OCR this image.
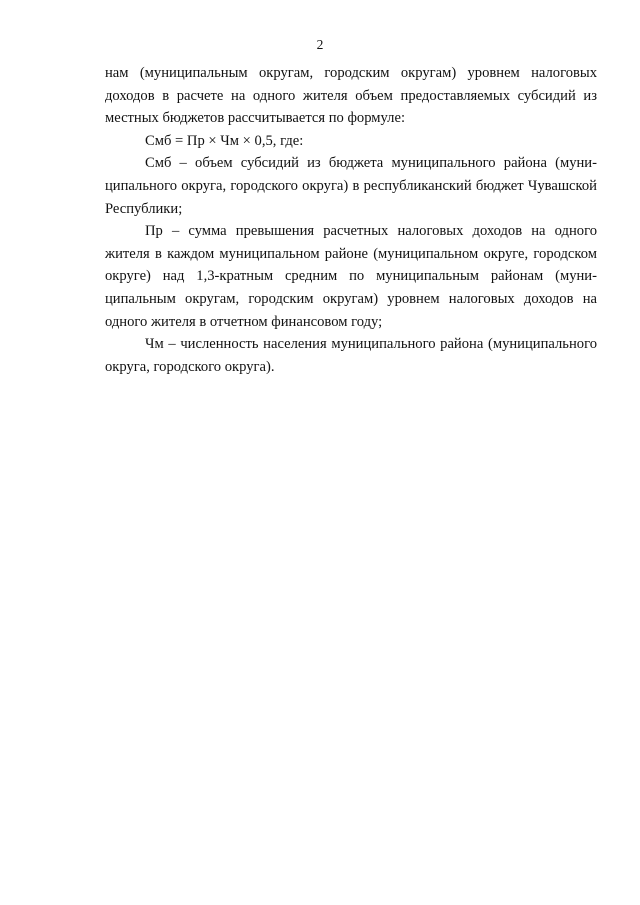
2

нам (муниципальным округам, городским округам) уровнем налоговых доходов в расчете на одного жителя объем предоставляемых субсидий из местных бюджетов рассчитывается по формуле:

Смб = Пр × Чм × 0,5, где:

Смб – объем субсидий из бюджета муниципального района (муниципального округа, городского округа) в республиканский бюджет Чувашской Республики;

Пр – сумма превышения расчетных налоговых доходов на одного жителя в каждом муниципальном районе (муниципальном округе, городском округе) над 1,3-кратным средним по муниципальным районам (муниципальным округам, городским округам) уровнем налоговых доходов на одного жителя в отчетном финансовом году;

Чм – численность населения муниципального района (муниципального округа, городского округа).
